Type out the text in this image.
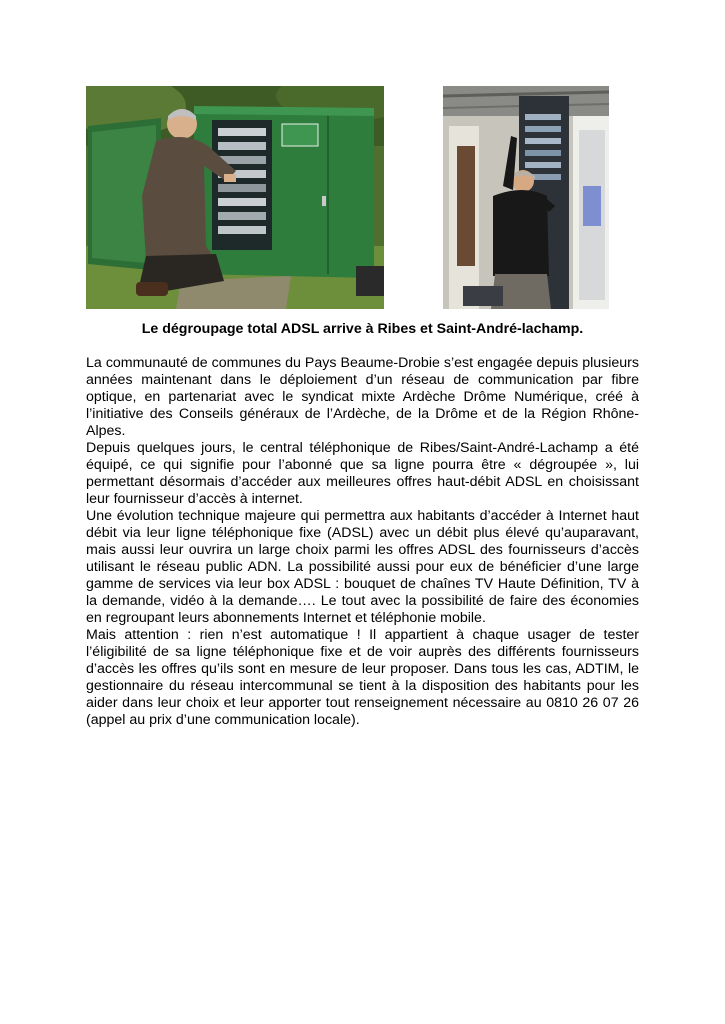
Le dégroupage total ADSL arrive à Ribes et Saint-André-lachamp.

La communauté de communes du Pays Beaume-Drobie s’est engagée depuis plusieurs années maintenant dans le déploiement d’un réseau de communication par fibre optique, en partenariat avec le syndicat mixte Ardèche Drôme Numérique, créé à l’initiative des Conseils généraux de l’Ardèche, de la Drôme et de la Région Rhône-Alpes.

Depuis quelques jours, le central téléphonique de Ribes/Saint-André-Lachamp a été équipé, ce qui signifie pour l’abonné que sa ligne pourra être « dégroupée », lui permettant désormais d’accéder aux meilleures offres haut-débit ADSL en choisissant leur fournisseur d’accès à internet.

Une évolution technique majeure qui permettra aux habitants d’accéder à Internet haut débit via leur ligne téléphonique fixe (ADSL) avec un débit plus élevé qu’auparavant, mais aussi leur ouvrira un large choix parmi les offres ADSL des fournisseurs d’accès utilisant le réseau public ADN. La possibilité aussi pour eux de bénéficier d’une large gamme de services via leur box ADSL : bouquet de chaînes TV Haute Définition, TV à la demande, vidéo à la demande…. Le tout avec la possibilité de faire des économies en regroupant leurs abonnements Internet et téléphonie mobile.

Mais attention : rien n’est automatique ! Il appartient à chaque usager de tester l’éligibilité de sa ligne téléphonique fixe et de voir auprès des différents fournisseurs d’accès les offres qu’ils sont en mesure de leur proposer. Dans tous les cas, ADTIM, le gestionnaire du réseau intercommunal se tient à la disposition des habitants pour les aider dans leur choix et leur apporter tout renseignement nécessaire au 0810 26 07 26 (appel au prix d’une communication locale).
